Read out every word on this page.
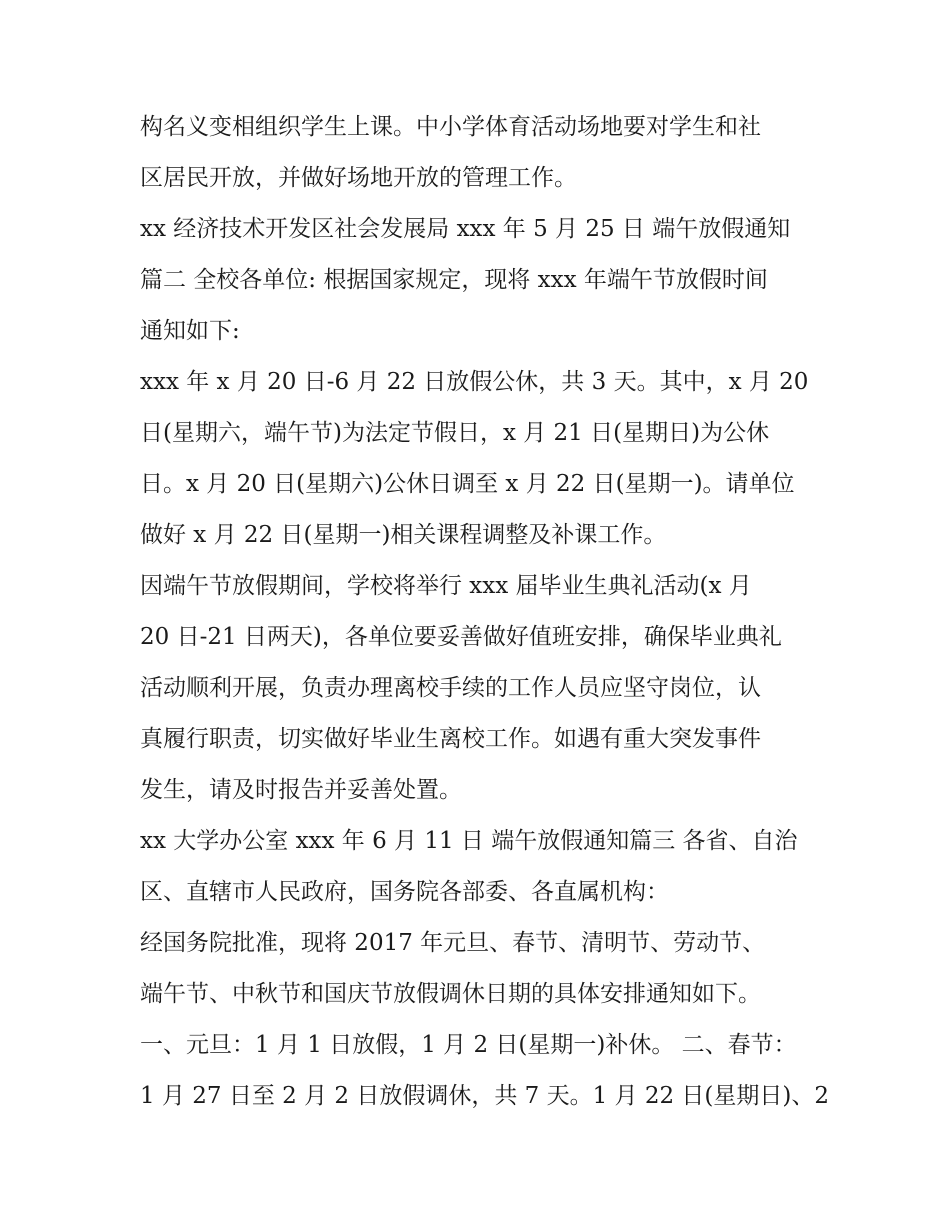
构名义变相组织学生上课。中小学体育活动场地要对学生和社
区居民开放，并做好场地开放的管理工作。
xx 经济技术开发区社会发展局 xxx 年 5 月 25 日 端午放假通知
篇二 全校各单位: 根据国家规定，现将 xxx 年端午节放假时间
通知如下:
xxx 年 x 月 20 日-6 月 22 日放假公休，共 3 天。其中，x 月 20
日(星期六，端午节)为法定节假日，x 月 21 日(星期日)为公休
日。x 月 20 日(星期六)公休日调至 x 月 22 日(星期一)。请单位
做好 x 月 22 日(星期一)相关课程调整及补课工作。
因端午节放假期间，学校将举行 xxx 届毕业生典礼活动(x 月
20 日-21 日两天)，各单位要妥善做好值班安排，确保毕业典礼
活动顺利开展，负责办理离校手续的工作人员应坚守岗位，认
真履行职责，切实做好毕业生离校工作。如遇有重大突发事件
发生，请及时报告并妥善处置。
xx 大学办公室 xxx 年 6 月 11 日 端午放假通知篇三 各省、自治
区、直辖市人民政府，国务院各部委、各直属机构：
经国务院批准，现将 2017 年元旦、春节、清明节、劳动节、
端午节、中秋节和国庆节放假调休日期的具体安排通知如下。
一、元旦：1 月 1 日放假，1 月 2 日(星期一)补休。 二、春节：
1 月 27 日至 2 月 2 日放假调休，共 7 天。1 月 22 日(星期日)、2
